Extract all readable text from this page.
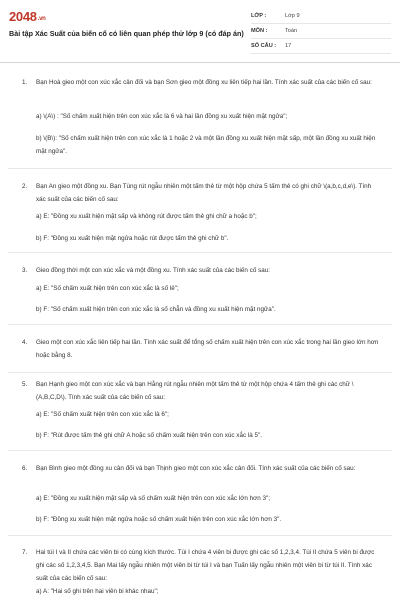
2048.vn
Bài tập Xác Suất của biến cố có liên quan phép thử lớp 9 (có đáp án)
LỚP :	Lớp 9
MÔN :	Toán
SỐ CÂU :	17
1. Bạn Hoà gieo một con xúc xắc cân đối và bạn Sơn gieo một đồng xu liên tiếp hai lần. Tính xác suất của các biến cố sau:
a) \(A\) : "Số chấm xuất hiện trên con xúc xắc là 6 và hai lần đồng xu xuất hiện mặt ngửa";
b) \(B\): "Số chấm xuất hiện trên con xúc xắc là 1 hoặc 2 và một lần đồng xu xuất hiện mặt sấp, một lần đồng xu xuất hiện mặt ngửa".
2. Bạn An gieo một đồng xu. Bạn Tùng rút ngẫu nhiên một tấm thẻ từ một hộp chứa 5 tấm thẻ có ghi chữ \(a,b,c,d,e\). Tính xác suất của các biến cố sau:
a) E: "Đồng xu xuất hiện mặt sấp và không rút được tấm thẻ ghi chữ a hoặc b";
b) F: "Đồng xu xuất hiện mặt ngửa hoặc rút được tấm thẻ ghi chữ b".
3. Gieo đồng thời một con xúc xắc và một đồng xu. Tính xác suất của các biến cố sau:
a) E: "Số chấm xuất hiện trên con xúc xắc là số lẻ";
b) F: "Số chấm xuất hiện trên con xúc xắc là số chẵn và đồng xu xuất hiện mặt ngửa".
4. Gieo một con xúc xắc liên tiếp hai lần. Tính xác suất để tổng số chấm xuất hiện trên con xúc xắc trong hai lần gieo lớn hơn hoặc bằng 8.
5. Bạn Hạnh gieo một con xúc xắc và bạn Hằng rút ngẫu nhiên một tấm thẻ từ một hộp chứa 4 tấm thẻ ghi các chữ \(A,B,C,D\). Tính xác suất của các biến cố sau:
a) E: "Số chấm xuất hiện trên con xúc xắc là 6";
b) F: "Rút được tấm thẻ ghi chữ A hoặc số chấm xuất hiện trên con xúc xắc là 5".
6. Bạn Bình gieo một đồng xu cân đối và bạn Thịnh gieo một con xúc xắc cân đối. Tính xác suất của các biến cố sau:
a) E: "Đồng xu xuất hiện mặt sấp và số chấm xuất hiện trên con xúc xắc lớn hơn 3";
b) F: "Đồng xu xuất hiện mặt ngửa hoặc số chấm xuất hiện trên con xúc xắc lớn hơn 3".
7. Hai túi I và II chứa các viên bi có cùng kích thước. Túi I chứa 4 viên bi được ghi các số 1,2,3,4. Túi II chứa 5 viên bi được ghi các số 1,2,3,4,5. Bạn Mai lấy ngẫu nhiên một viên bi từ túi I và bạn Tuấn lấy ngẫu nhiên một viên bi từ túi II. Tính xác suất của các biến cố sau:
a) A: "Hai số ghi trên hai viên bi khác nhau";
